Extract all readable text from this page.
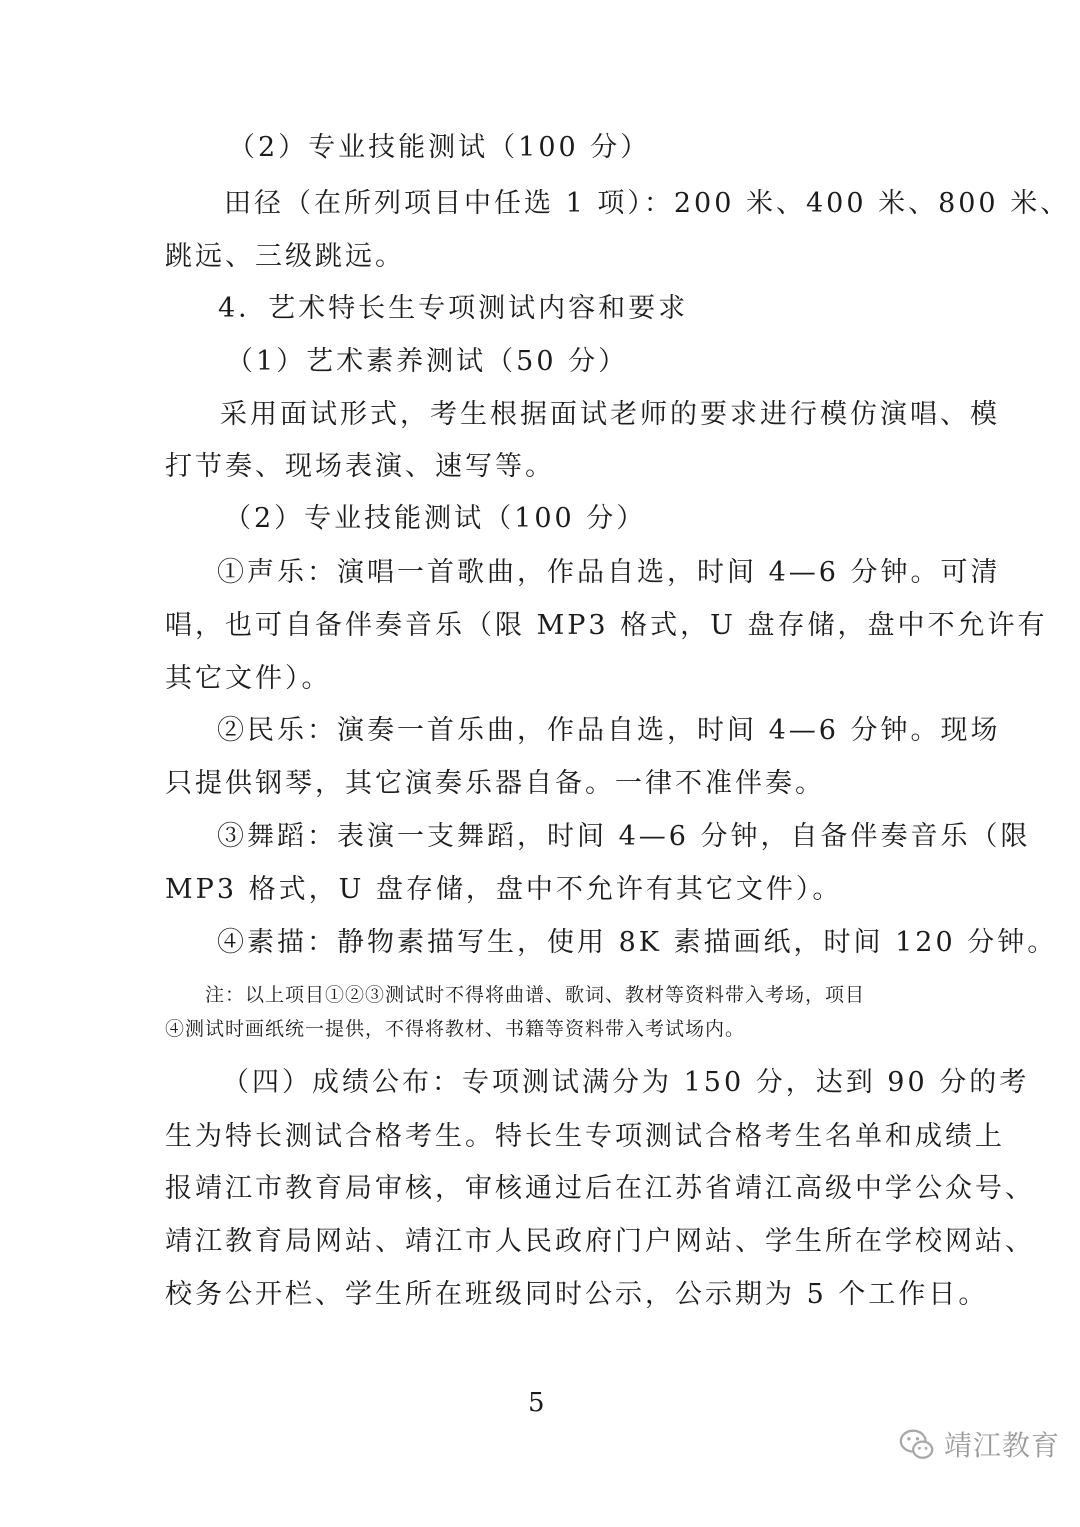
（2）专业技能测试（100 分）
田径（在所列项目中任选 1 项）：200 米、400 米、800 米、
跳远、三级跳远。
4．艺术特长生专项测试内容和要求
（1）艺术素养测试（50 分）
采用面试形式，考生根据面试老师的要求进行模仿演唱、模
打节奏、现场表演、速写等。
（2）专业技能测试（100 分）
①声乐：演唱一首歌曲，作品自选，时间 4—6 分钟。可清
唱，也可自备伴奏音乐（限 MP3 格式，U 盘存储，盘中不允许有
其它文件）。
②民乐：演奏一首乐曲，作品自选，时间 4—6 分钟。现场
只提供钢琴，其它演奏乐器自备。一律不准伴奏。
③舞蹈：表演一支舞蹈，时间 4—6 分钟，自备伴奏音乐（限
MP3 格式，U 盘存储，盘中不允许有其它文件）。
④素描：静物素描写生，使用 8K 素描画纸，时间 120 分钟。
注：以上项目①②③测试时不得将曲谱、歌词、教材等资料带入考场，项目
④测试时画纸统一提供，不得将教材、书籍等资料带入考试场内。
（四）成绩公布：专项测试满分为 150 分，达到 90 分的考
生为特长测试合格考生。特长生专项测试合格考生名单和成绩上
报靖江市教育局审核，审核通过后在江苏省靖江高级中学公众号、
靖江教育局网站、靖江市人民政府门户网站、学生所在学校网站、
校务公开栏、学生所在班级同时公示，公示期为 5 个工作日。
5
靖江教育
